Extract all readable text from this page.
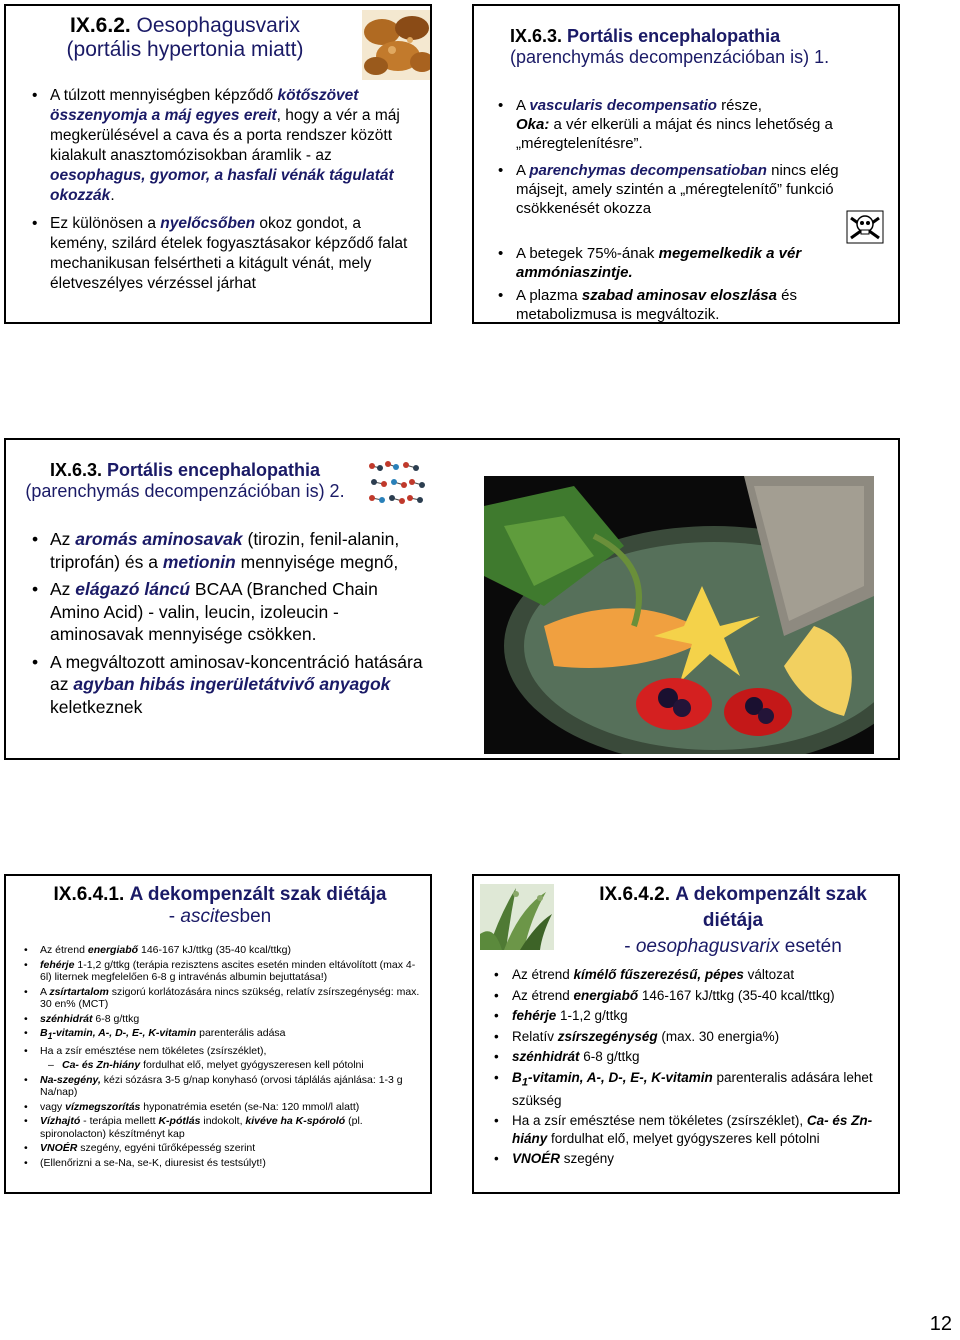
IX.6.2. Oesophagusvarix
(portális hypertonia miatt)
• A túlzott mennyiségben képződő kötőszövet összenyomja a máj egyes ereit, hogy a vér a máj megkerülésével a cava és a porta rendszer között kialakult anasztomózisokban áramlik - az oesophagus, gyomor, a hasfali vénák tágulatát okozzák.
• Ez különösen a nyelőcsőben okoz gondot, a kemény, szilárd ételek fogyasztásakor képződő falat mechanikusan felsértheti a kitágult vénát, mely életveszélyes vérzéssel járhat
IX.6.3. Portális encephalopathia
(parenchymás decompenzációban is) 1.
• A vascularis decompensatio része,
Oka: a vér elkerüli a májat és nincs lehetőség a „méregtelenítésre”.
• A parenchymas decompensatioban nincs elég májsejt, amely szintén a „méregtelenítő” funkció csökkenését okozza
• A betegek 75%-ának megemelkedik a vér ammóniaszintje.
• A plazma szabad aminosav eloszlása és metabolizmusa is megváltozik.
IX.6.3. Portális encephalopathia
(parenchymás decompenzációban is) 2.
• Az aromás aminosavak (tirozin, fenil-alanin, triprofán) és a metionin mennyisége megnő,
• Az elágazó láncú BCAA (Branched Chain Amino Acid) - valin, leucin, izoleucin - aminosavak mennyisége csökken.
• A megváltozott aminosav-koncentráció hatására az agyban hibás ingerületátvivő anyagok keletkeznek
IX.6.4.1. A dekompenzált szak diétája
- ascitesben
• Az étrend energiabő 146-167 kJ/ttkg (35-40 kcal/ttkg)
• fehérje 1-1,2 g/ttkg (terápia rezisztens ascites esetén minden eltávolított (max 4-6l) liternek megfelelően 6-8 g intravénás albumin bejuttatása!)
• A zsírtartalom szigorú korlátozására nincs szükség, relatív zsírszegénység: max. 30 en% (MCT)
• szénhidrát 6-8 g/ttkg
• $B_1$-vitamin, A-, D-, E-, K-vitamin parenterális adása
• Ha a zsír emésztése nem tökéletes (zsírszéklet),
– Ca- és Zn-hiány fordulhat elő, melyet gyógyszeresen kell pótolni
• Na-szegény, kézi sózásra 3-5 g/nap konyhasó (orvosi táplálás ajánlása: 1-3 g Na/nap)
• vagy vízmegszorítás hyponatrémia esetén (se-Na: 120 mmol/l alatt)
• Vízhajtó - terápia mellett K-pótlás indokolt, kivéve ha K-spóroló (pl. spironolacton) készítményt kap
• VNOÉR szegény, egyéni tűrőképesség szerint
• (Ellenőrizni a se-Na, se-K, diuresist és testsúlyt!)
IX.6.4.2. A dekompenzált szak diétája
- oesophagusvarix esetén
• Az étrend kímélő fűszerezésű, pépes változat
• Az étrend energiabő 146-167 kJ/ttkg (35-40 kcal/ttkg)
• fehérje 1-1,2 g/ttkg
• Relatív zsírszegénység (max. 30 energia%)
• szénhidrát 6-8 g/ttkg
• $B_1$-vitamin, A-, D-, E-, K-vitamin parenteralis adására lehet szükség
• Ha a zsír emésztése nem tökéletes (zsírszéklet), Ca- és Zn-hiány fordulhat elő, melyet gyógyszeres kell pótolni
• VNOÉR szegény
12
